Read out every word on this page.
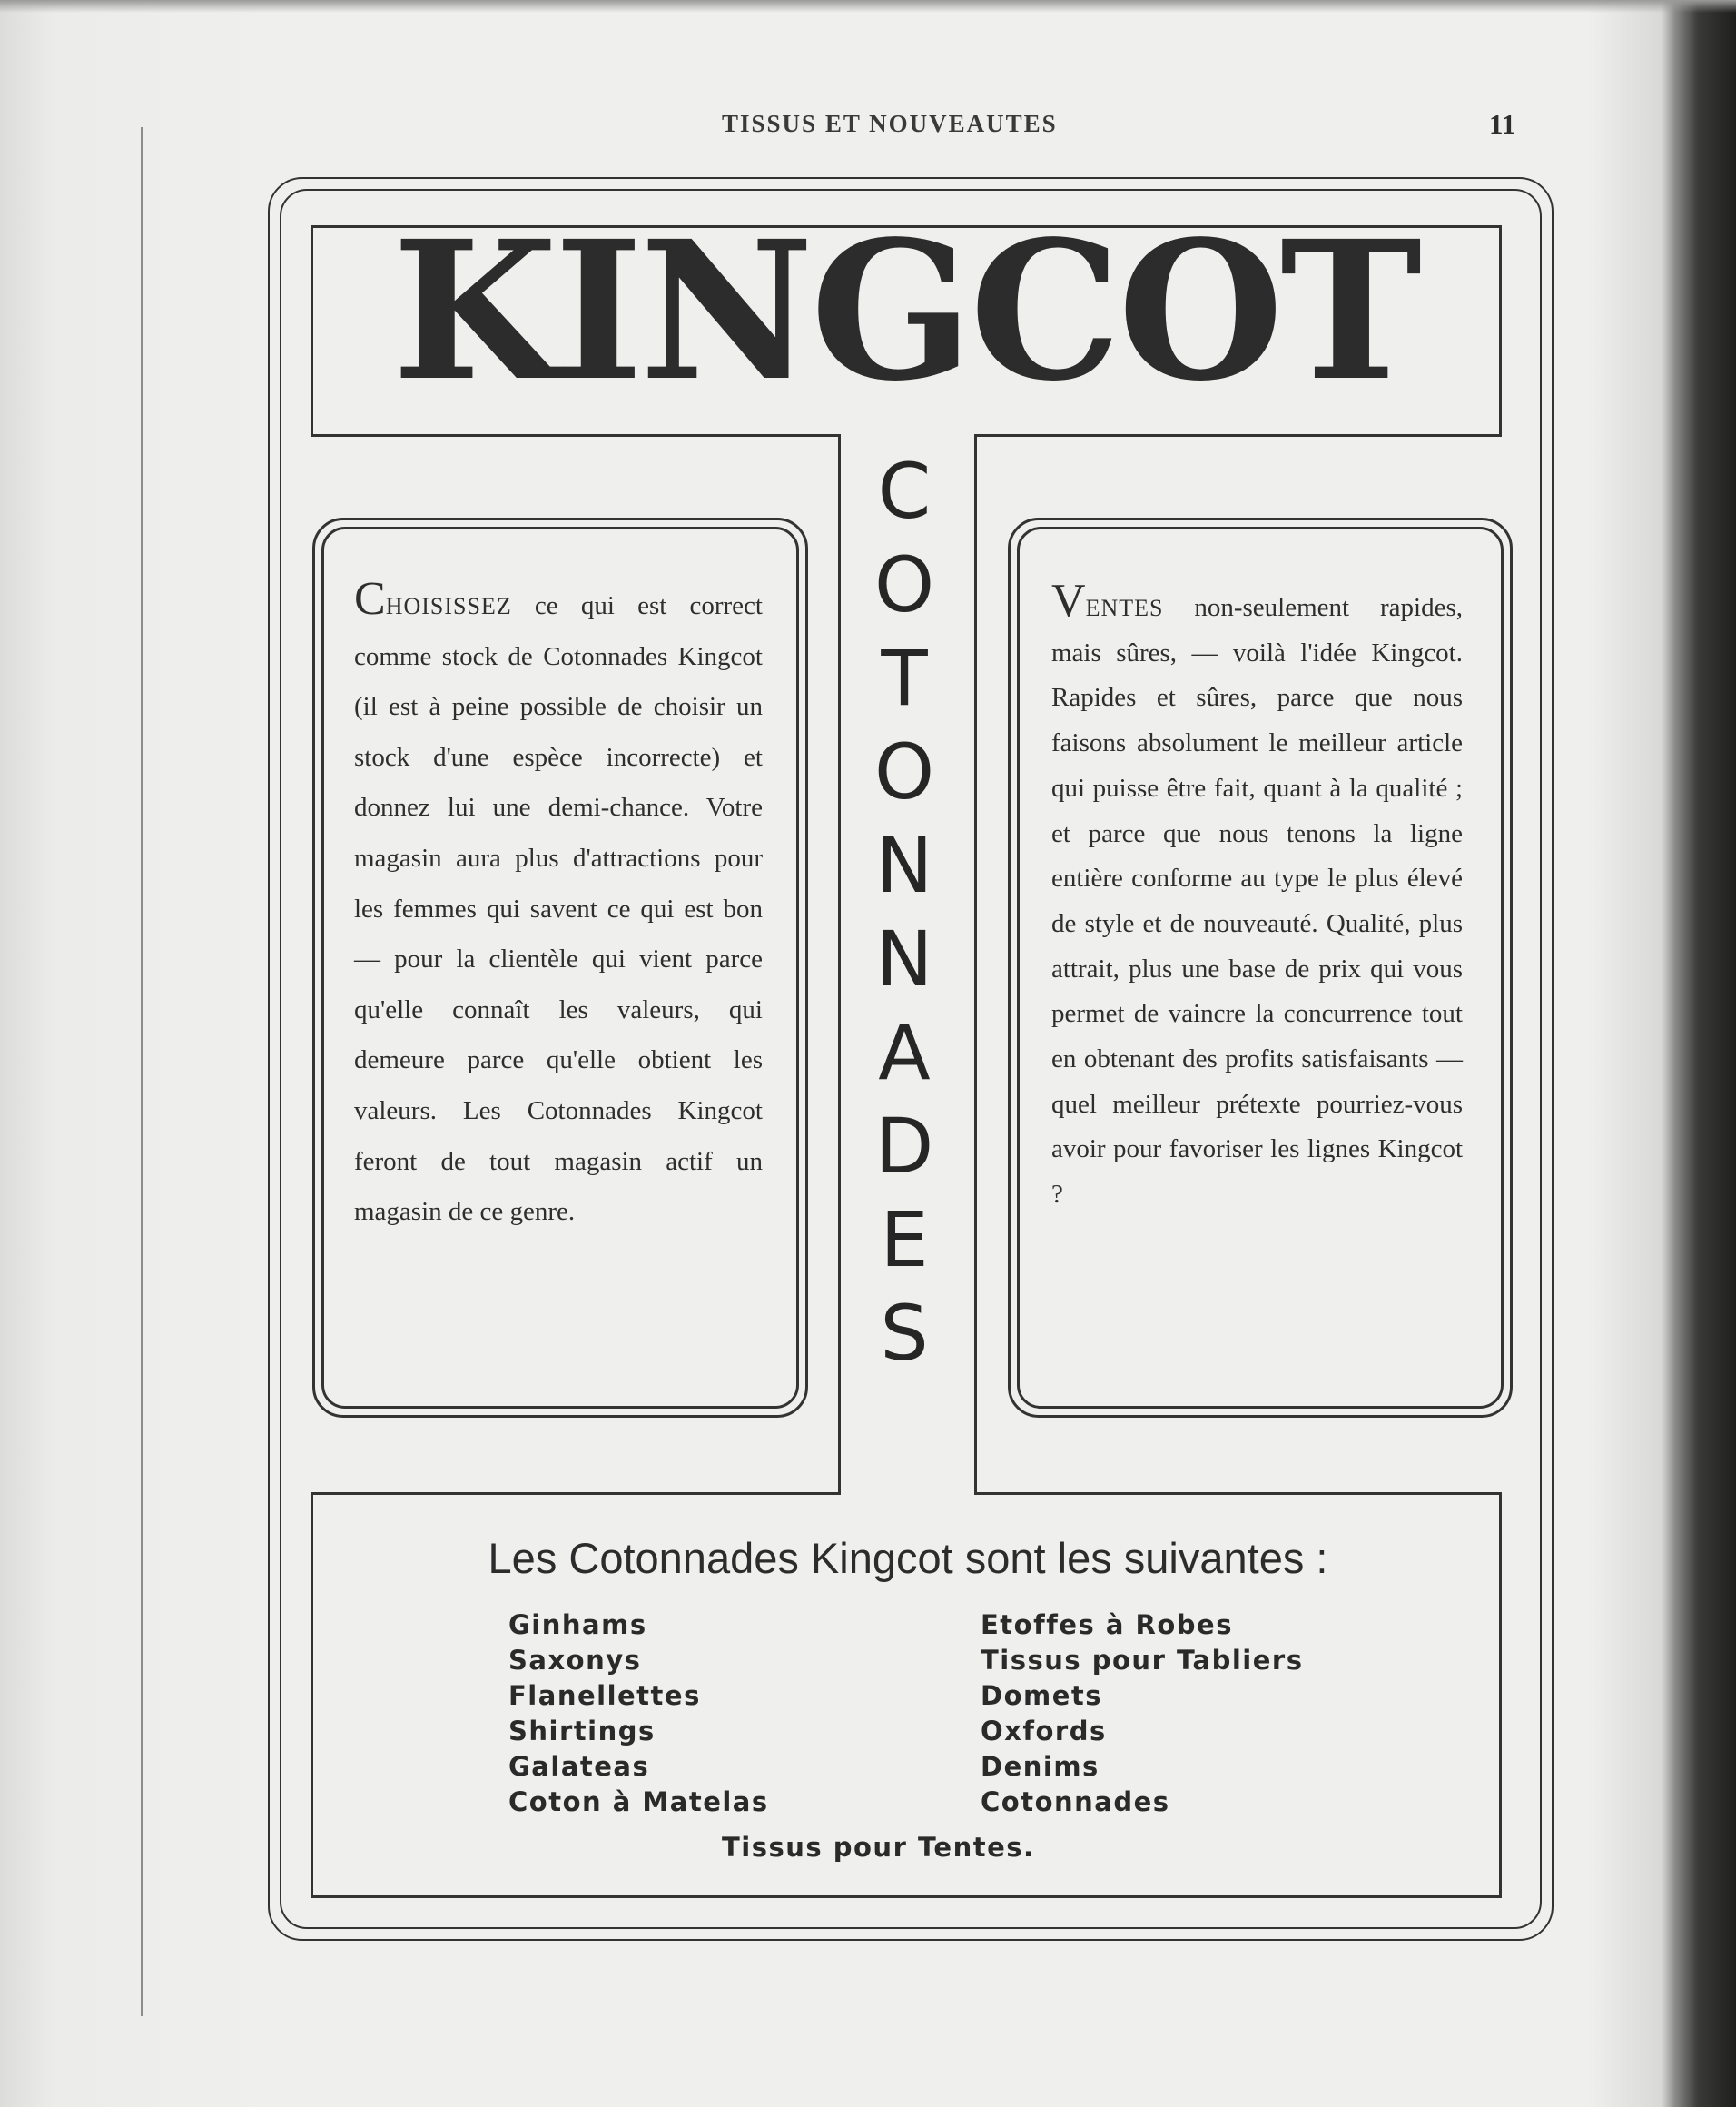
TISSUS ET NOUVEAUTES	11
KINGCOT
C
O
T
O
N
N
A
D
E
S

CHOISISSEZ ce qui est correct comme stock de Cotonnades Kingcot (il est à peine possible de choisir un stock d'une espèce incorrecte) et donnez lui une demi-chance. Votre magasin aura plus d'attractions pour les femmes qui savent ce qui est bon — pour la clientèle qui vient parce qu'elle connaît les valeurs, qui demeure parce qu'elle obtient les valeurs. Les Cotonnades Kingcot feront de tout magasin actif un magasin de ce genre.

VENTES non-seulement rapides, mais sûres, — voilà l'idée Kingcot. Rapides et sûres, parce que nous faisons absolument le meilleur article qui puisse être fait, quant à la qualité ; et parce que nous tenons la ligne entière conforme au type le plus élevé de style et de nouveauté. Qualité, plus attrait, plus une base de prix qui vous permet de vaincre la concurrence tout en obtenant des profits satisfaisants — quel meilleur prétexte pourriez-vous avoir pour favoriser les lignes Kingcot ?

Les Cotonnades Kingcot sont les suivantes :
Ginhams
Saxonys
Flanellettes
Shirtings
Galateas
Coton à Matelas
Etoffes à Robes
Tissus pour Tabliers
Domets
Oxfords
Denims
Cotonnades
Tissus pour Tentes.
